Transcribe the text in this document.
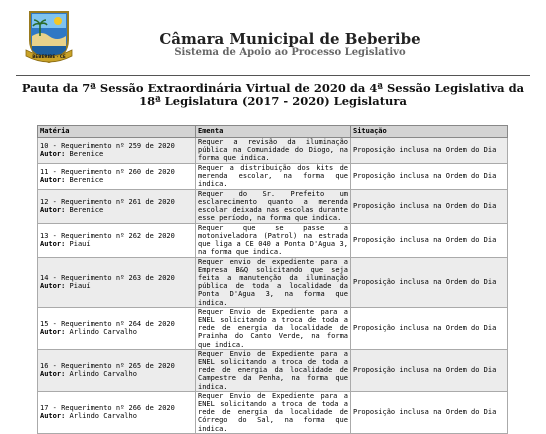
BEBERIBE - CE
Câmara Municipal de Beberibe
Sistema de Apoio ao Processo Legislativo
Pauta da 7ª Sessão Extraordinária Virtual de 2020 da 4ª Sessão Legislativa da 18ª Legislatura (2017 - 2020) Legislatura
Matéria	Ementa	Situação
10 - Requerimento nº 259 de 2020
Autor: Berenice	Requer a revisão da iluminação pública na Comunidade do Diogo, na forma que indica.	Proposição inclusa na Ordem do Dia
11 - Requerimento nº 260 de 2020
Autor: Berenice	Requer a distribuição dos kits de merenda escolar, na forma que indica.	Proposição inclusa na Ordem do Dia
12 - Requerimento nº 261 de 2020
Autor: Berenice	Requer do Sr. Prefeito um esclarecimento quanto a merenda escolar deixada nas escolas durante esse período, na forma que indica.	Proposição inclusa na Ordem do Dia
13 - Requerimento nº 262 de 2020
Autor: Piauí	Requer que se passe a motoniveladora (Patrol) na estrada que liga a CE 040 a Ponta D'Agua 3, na forma que indica.	Proposição inclusa na Ordem do Dia
14 - Requerimento nº 263 de 2020
Autor: Piauí	Requer envio de expediente para a Empresa B&Q solicitando que seja feita a manutenção da iluminação pública de toda a localidade da Ponta D'Agua 3, na forma que indica.	Proposição inclusa na Ordem do Dia
15 - Requerimento nº 264 de 2020
Autor: Arlindo Carvalho	Requer Envio de Expediente para a ENEL solicitando a troca de toda a rede de energia da localidade de Prainha do Canto Verde, na forma que indica.	Proposição inclusa na Ordem do Dia
16 - Requerimento nº 265 de 2020
Autor: Arlindo Carvalho	Requer Envio de Expediente para a ENEL solicitando a troca de toda a rede de energia da localidade de Campestre da Penha, na forma que indica.	Proposição inclusa na Ordem do Dia
17 - Requerimento nº 266 de 2020
Autor: Arlindo Carvalho	Requer Envio de Expediente para a ENEL solicitando a troca de toda a rede de energia da localidade de Córrego do Sal, na forma que indica.	Proposição inclusa na Ordem do Dia
